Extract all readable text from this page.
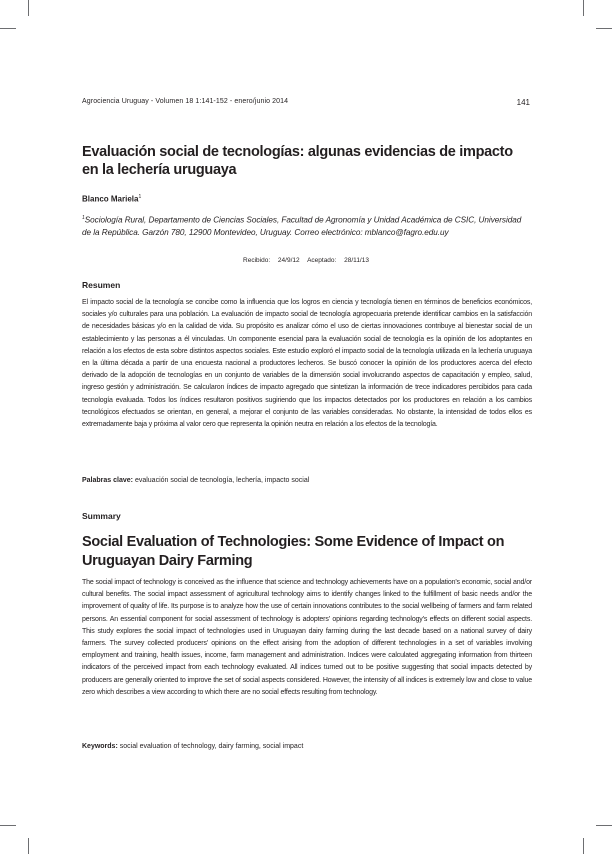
Agrociencia Uruguay - Volumen 18 1:141-152 - enero/junio 2014	141
Evaluación social de tecnologías: algunas evidencias de impacto en la lechería uruguaya
Blanco Mariela$^1$
$^1$Sociología Rural, Departamento de Ciencias Sociales, Facultad de Agronomía y Unidad Académica de CSIC, Universidad de la República. Garzón 780, 12900 Montevideo, Uruguay. Correo electrónico: mblanco@fagro.edu.uy
Recibido: 24/9/12 Aceptado: 28/11/13
Resumen

El impacto social de la tecnología se concibe como la influencia que los logros en ciencia y tecnología tienen en términos de beneficios económicos, sociales y/o culturales para una población. La evaluación de impacto social de tecnología agropecuaria pretende identificar cambios en la satisfacción de necesidades básicas y/o en la calidad de vida. Su propósito es analizar cómo el uso de ciertas innovaciones contribuye al bienestar social de un establecimiento y las personas a él vinculadas. Un componente esencial para la evaluación social de tecnología es la opinión de los adoptantes en relación a los efectos de esta sobre distintos aspectos sociales. Este estudio exploró el impacto social de la tecnología utilizada en la lechería uruguaya en la última década a partir de una encuesta nacional a productores lecheros. Se buscó conocer la opinión de los productores acerca del efecto derivado de la adopción de tecnologías en un conjunto de variables de la dimensión social involucrando aspectos de capacitación y empleo, salud, ingreso gestión y administración. Se calcularon índices de impacto agregado que sintetizan la información de trece indicadores percibidos para cada tecnología evaluada. Todos los índices resultaron positivos sugiriendo que los impactos detectados por los productores en relación a los cambios tecnológicos efectuados se orientan, en general, a mejorar el conjunto de las variables consideradas. No obstante, la intensidad de todos ellos es extremadamente baja y próxima al valor cero que representa la opinión neutra en relación a los efectos de la tecnología.

Palabras clave: evaluación social de tecnología, lechería, impacto social
Summary
Social Evaluation of Technologies: Some Evidence of Impact on Uruguayan Dairy Farming

The social impact of technology is conceived as the influence that science and technology achievements have on a population's economic, social and/or cultural benefits. The social impact assessment of agricultural technology aims to identify changes linked to the fulfillment of basic needs and/or the improvement of quality of life. Its purpose is to analyze how the use of certain innovations contributes to the social wellbeing of farmers and farm related persons. An essential component for social assessment of technology is adopters' opinions regarding technology's effects on different social aspects. This study explores the social impact of technologies used in Uruguayan dairy farming during the last decade based on a national survey of dairy farmers. The survey collected producers' opinions on the effect arising from the adoption of different technologies in a set of variables involving employment and training, health issues, income, farm management and administration. Indices were calculated aggregating information from thirteen indicators of the perceived impact from each technology evaluated. All indices turned out to be positive suggesting that social impacts detected by producers are generally oriented to improve the set of social aspects considered. However, the intensity of all indices is extremely low and close to value zero which describes a view according to which there are no social effects resulting from technology.

Keywords: social evaluation of technology, dairy farming, social impact
